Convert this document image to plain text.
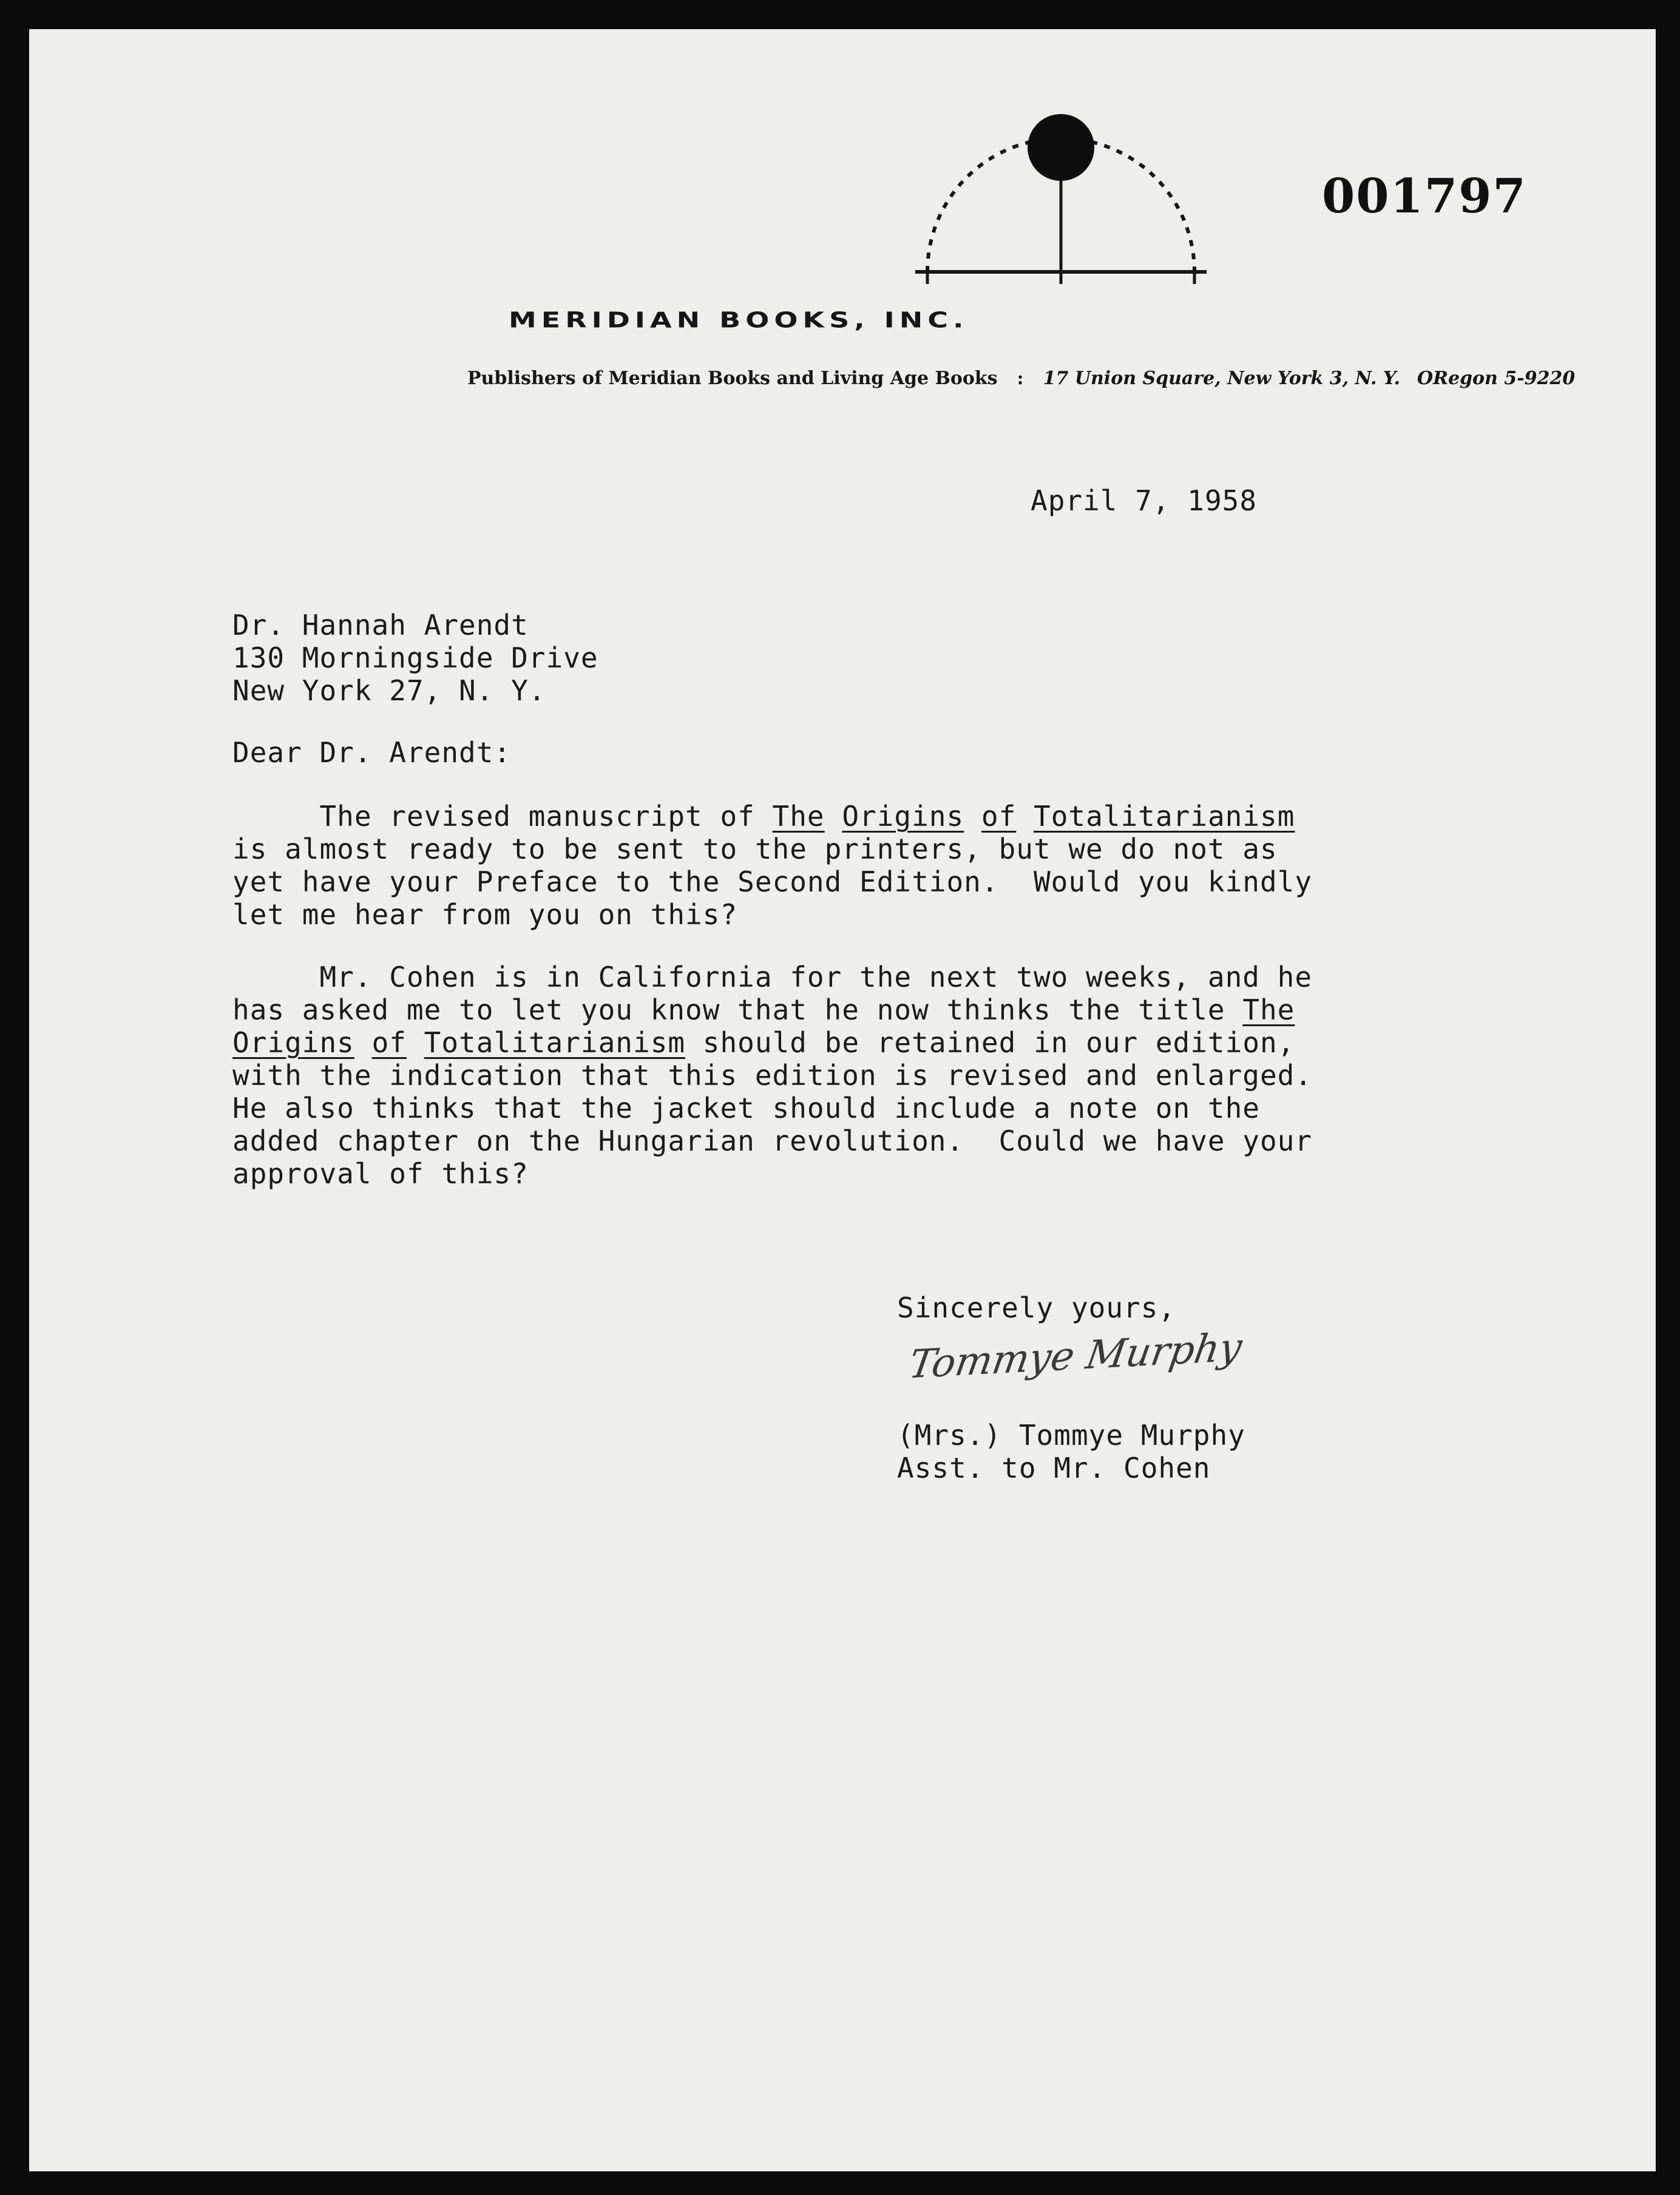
001797
MERIDIAN BOOKS, INC.
Publishers of Meridian Books and Living Age Books : 17 Union Square, New York 3, N. Y. ORegon 5-9220
April 7, 1958
Dr. Hannah Arendt
130 Morningside Drive
New York 27, N. Y.
Dear Dr. Arendt:
The revised manuscript of The Origins of Totalitarianism
is almost ready to be sent to the printers, but we do not as
yet have your Preface to the Second Edition.  Would you kindly
let me hear from you on this?
Mr. Cohen is in California for the next two weeks, and he
has asked me to let you know that he now thinks the title The
Origins of Totalitarianism should be retained in our edition,
with the indication that this edition is revised and enlarged.
He also thinks that the jacket should include a note on the
added chapter on the Hungarian revolution.  Could we have your
approval of this?
Sincerely yours,
Tommye Murphy
(Mrs.) Tommye Murphy
Asst. to Mr. Cohen
